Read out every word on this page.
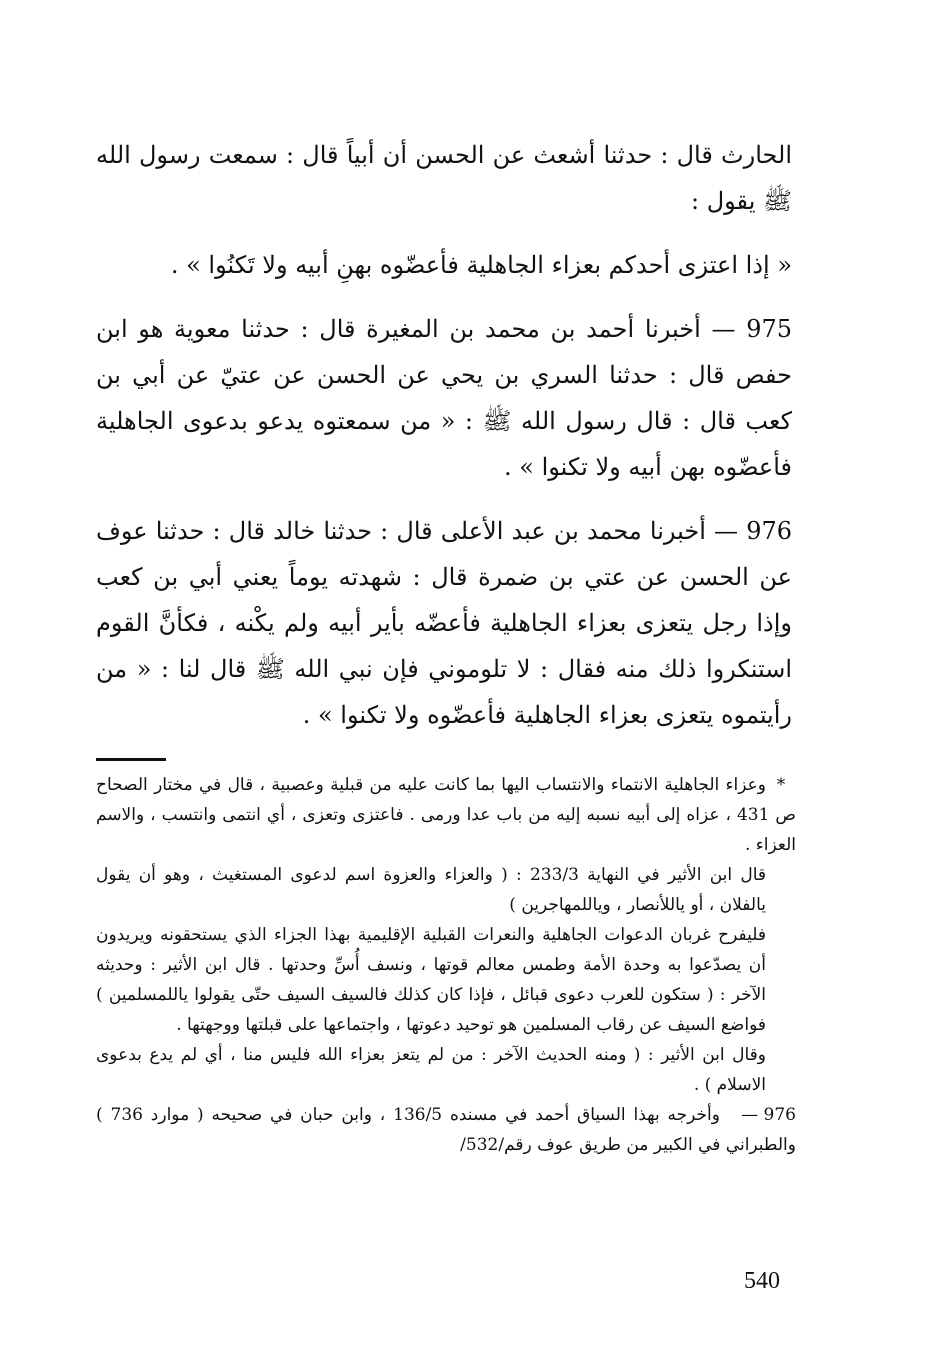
الحارث قال : حدثنا أشعث عن الحسن أن أبياً قال : سمعت رسول الله ﷺ يقول :

« إذا اعتزى أحدكم بعزاء الجاهلية فأعضّوه بهنِ أبيه ولا تَكنُوا » .

975 — أخبرنا أحمد بن محمد بن المغيرة قال : حدثنا معوية هو ابن حفص قال : حدثنا السري بن يحي عن الحسن عن عتيّ عن أبي بن كعب قال : قال رسول الله ﷺ : « من سمعتوه يدعو بدعوى الجاهلية فأعضّوه بهن أبيه ولا تكنوا » .

976 — أخبرنا محمد بن عبد الأعلى قال : حدثنا خالد قال : حدثنا عوف عن الحسن عن عتي بن ضمرة قال : شهدته يوماً يعني أبي بن كعب وإذا رجل يتعزى بعزاء الجاهلية فأعضّه بأير أبيه ولم يكْنه ، فكأنَّ القوم استنكروا ذلك منه فقال : لا تلوموني فإن نبي الله ﷺ قال لنا : « من رأيتموه يتعزى بعزاء الجاهلية فأعضّوه ولا تكنوا » .

*وعزاء الجاهلية الانتماء والانتساب اليها بما كانت عليه من قبلية وعصبية ، قال في مختار الصحاح ص 431 ، عزاه إلى أبيه نسبه إليه من باب عدا ورمى . فاعتزى وتعزى ، أي انتمى وانتسب ، والاسم العزاء .

قال ابن الأثير في النهاية 233/3 : ( والعزاء والعزوة اسم لدعوى المستغيث ، وهو أن يقول يالفلان ، أو ياللأنصار ، وياللمهاجرين )

فليفرح غربان الدعوات الجاهلية والنعرات القبلية الإقليمية بهذا الجزاء الذي يستحقونه ويريدون أن يصدّعوا به وحدة الأمة وطمس معالم قوتها ، ونسف أُسِّ وحدتها . قال ابن الأثير : وحديثه الآخر : ( ستكون للعرب دعوى قبائل ، فإذا كان كذلك فالسيف السيف حتّى يقولوا ياللمسلمين ) فواضع السيف عن رقاب المسلمين هو توحيد دعوتها ، واجتماعها على قبلتها ووجهتها .

وقال ابن الأثير : ( ومنه الحديث الآخر : من لم يتعز بعزاء الله فليس منا ، أي لم يدع بدعوى الاسلام ) .

976 —وأخرجه بهذا السياق أحمد في مسنده 136/5 ، وابن حبان في صحيحه ( موارد 736 ) والطبراني في الكبير من طريق عوف رقم/532/

540
